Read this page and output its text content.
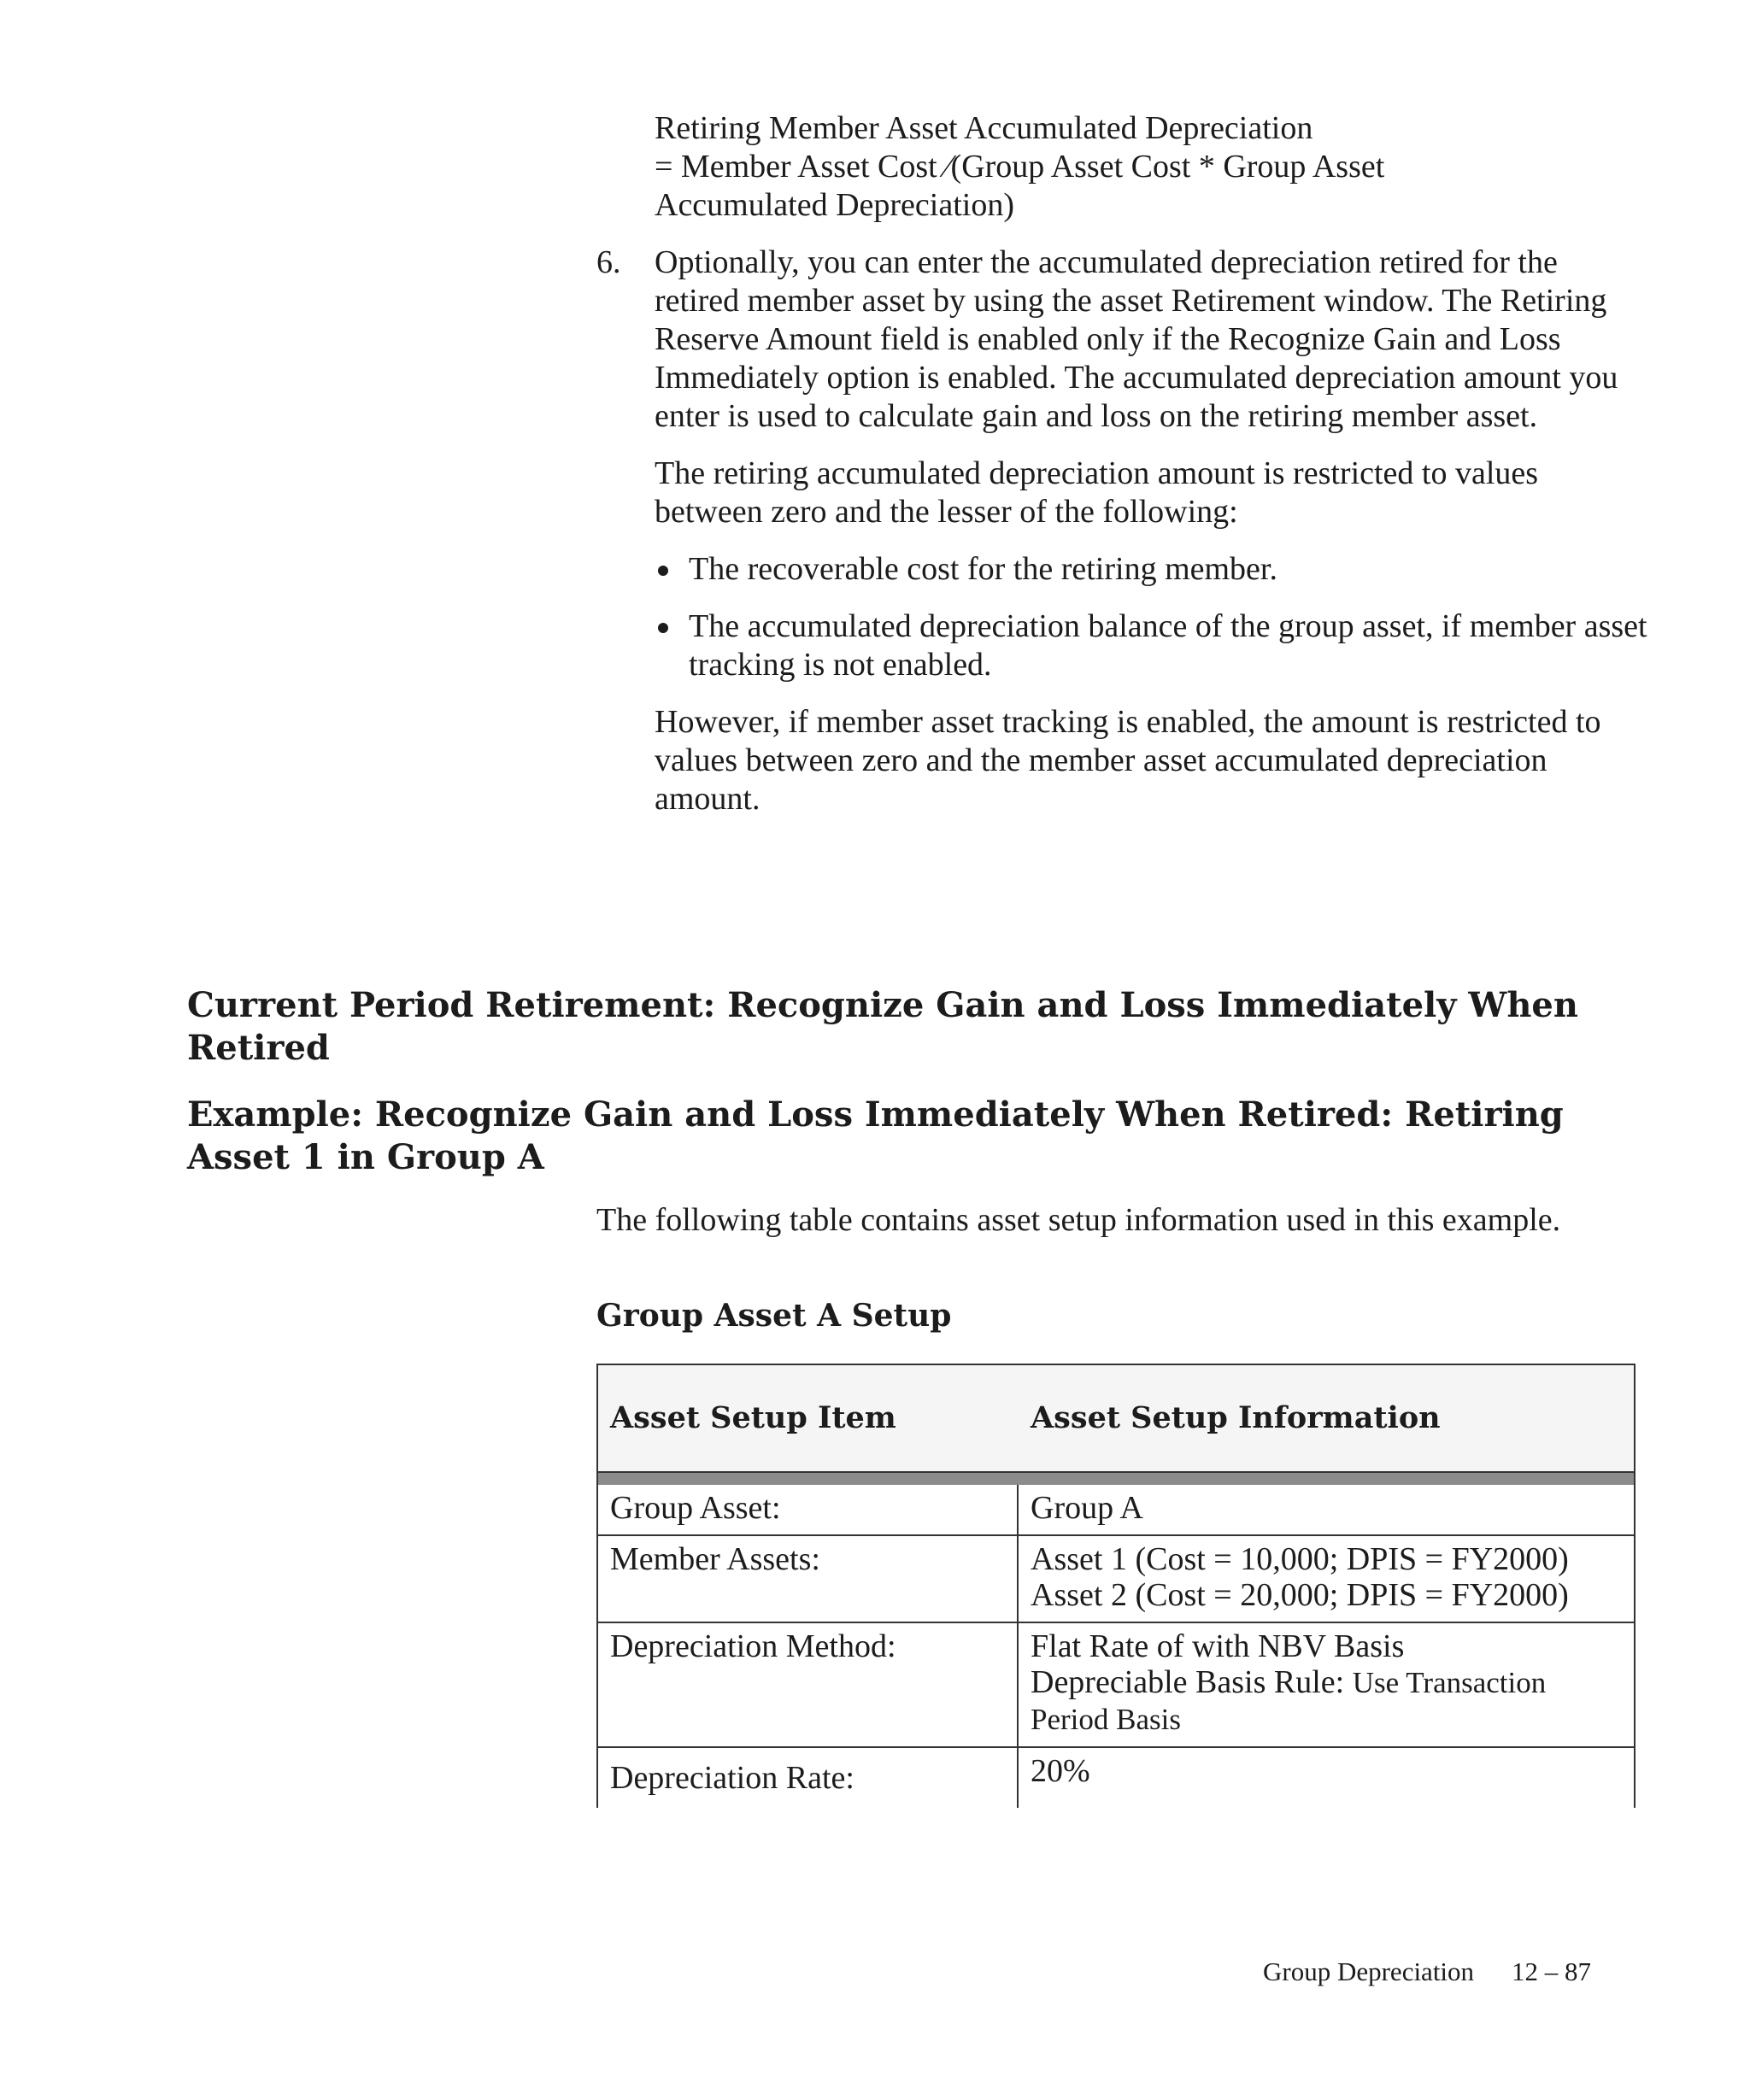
Retiring Member Asset Accumulated Depreciation
= Member Asset Cost ⁄(Group Asset Cost * Group Asset
Accumulated Depreciation)
6.	Optionally, you can enter the accumulated depreciation retired for the retired member asset by using the asset Retirement window. The Retiring Reserve Amount field is enabled only if the Recognize Gain and Loss Immediately option is enabled. The accumulated depreciation amount you enter is used to calculate gain and loss on the retiring member asset.

The retiring accumulated depreciation amount is restricted to values between zero and the lesser of the following:

The recoverable cost for the retiring member.
The accumulated depreciation balance of the group asset, if member asset tracking is not enabled.

However, if member asset tracking is enabled, the amount is restricted to values between zero and the member asset accumulated depreciation amount.

Current Period Retirement: Recognize Gain and Loss Immediately When Retired
Example: Recognize Gain and Loss Immediately When Retired: Retiring Asset 1 in Group A
The following table contains asset setup information used in this example.
Group Asset A Setup
Asset Setup Item	Asset Setup Information
Group Asset:	Group A
Member Assets:	Asset 1 (Cost = 10,000; DPIS = FY2000)
Asset 2 (Cost = 20,000; DPIS = FY2000)
Depreciation Method:	Flat Rate of with NBV Basis
Depreciable Basis Rule: Use Transaction Period Basis
Depreciation Rate:	20%
Group Depreciation 12 – 87
